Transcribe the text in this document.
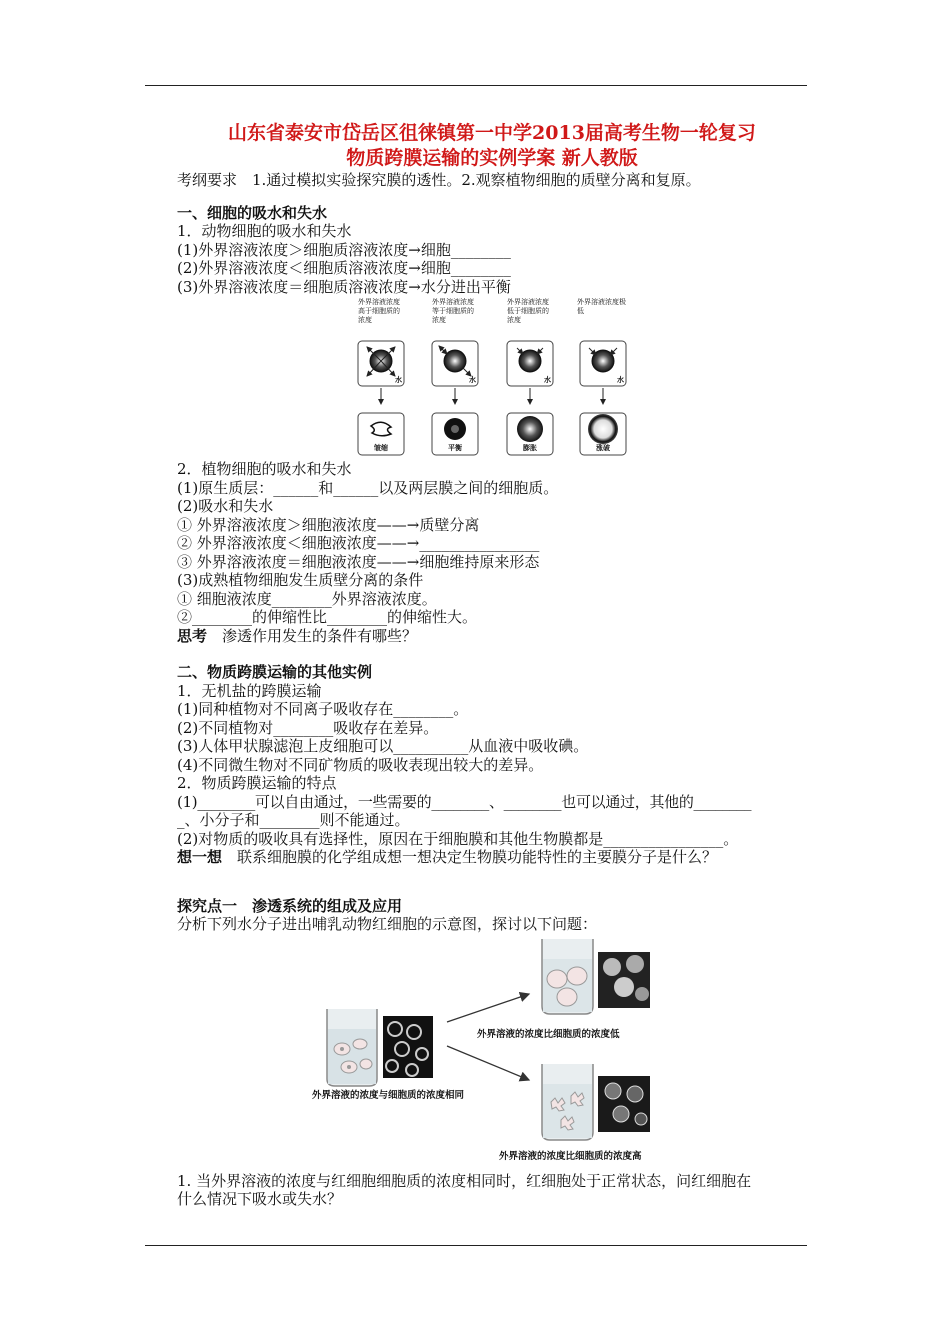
山东省泰安市岱岳区徂徕镇第一中学2013届高考生物一轮复习
物质跨膜运输的实例学案 新人教版
考纲要求　1.通过模拟实验探究膜的透性。2.观察植物细胞的质壁分离和复原。
一、细胞的吸水和失水
1．动物细胞的吸水和失水
(1)外界溶液浓度＞细胞质溶液浓度→细胞________
(2)外界溶液浓度＜细胞质溶液浓度→细胞________
(3)外界溶液浓度＝细胞质溶液浓度→水分进出平衡
外界溶液浓度高于细胞质的浓度
外界溶液浓度等于细胞质的浓度
外界溶液浓度低于细胞质的浓度
外界溶液浓度极低
水	水	水	水
皱缩	平衡	膨胀	涨破
2．植物细胞的吸水和失水
(1)原生质层：______和______以及两层膜之间的细胞质。
(2)吸水和失水
① 外界溶液浓度＞细胞液浓度——→质壁分离
② 外界溶液浓度＜细胞液浓度——→________________
③ 外界溶液浓度＝细胞液浓度——→细胞维持原来形态
(3)成熟植物细胞发生质壁分离的条件
① 细胞液浓度________外界溶液浓度。
②________的伸缩性比________的伸缩性大。
思考　渗透作用发生的条件有哪些？
二、物质跨膜运输的其他实例
1．无机盐的跨膜运输
(1)同种植物对不同离子吸收存在________。
(2)不同植物对________吸收存在差异。
(3)人体甲状腺滤泡上皮细胞可以__________从血液中吸收碘。
(4)不同微生物对不同矿物质的吸收表现出较大的差异。
2．物质跨膜运输的特点
(1)________可以自由通过，一些需要的________、________也可以通过，其他的________
_、小分子和________则不能通过。
(2)对物质的吸收具有选择性，原因在于细胞膜和其他生物膜都是________________。
想一想　联系细胞膜的化学组成想一想决定生物膜功能特性的主要膜分子是什么？
探究点一　渗透系统的组成及应用
分析下列水分子进出哺乳动物红细胞的示意图，探讨以下问题：
外界溶液的浓度与细胞质的浓度相同
外界溶液的浓度比细胞质的浓度低
外界溶液的浓度比细胞质的浓度高
1. 当外界溶液的浓度与红细胞细胞质的浓度相同时，红细胞处于正常状态，问红细胞在
什么情况下吸水或失水？
